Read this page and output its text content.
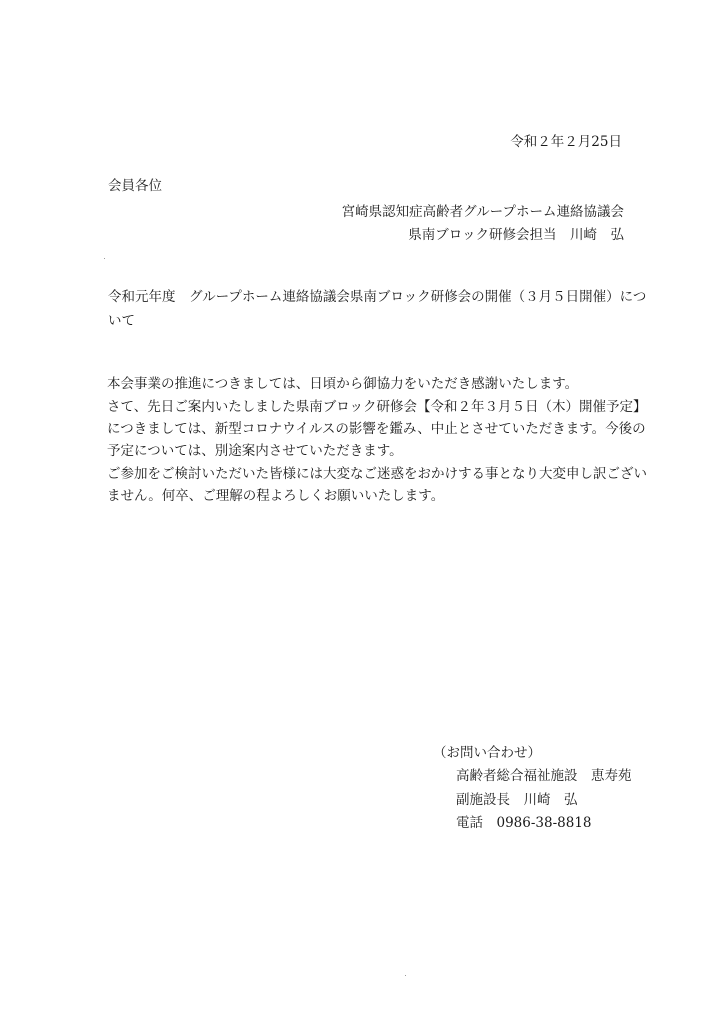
令和２年２月25日
会員各位
宮崎県認知症高齢者グループホーム連絡協議会
県南ブロック研修会担当　川崎　弘
令和元年度　グループホーム連絡協議会県南ブロック研修会の開催（３月５日開催）につ
いて
本会事業の推進につきましては、日頃から御協力をいただき感謝いたします。
さて、先日ご案内いたしました県南ブロック研修会【令和２年３月５日（木）開催予定】
につきましては、新型コロナウイルスの影響を鑑み、中止とさせていただきます。今後の
予定については、別途案内させていただきます。
ご参加をご検討いただいた皆様には大変なご迷惑をおかけする事となり大変申し訳ござい
ません。何卒、ご理解の程よろしくお願いいたします。
（お問い合わせ）
高齢者総合福祉施設　恵寿苑
副施設長　川崎　弘
電話　0986-38-8818
